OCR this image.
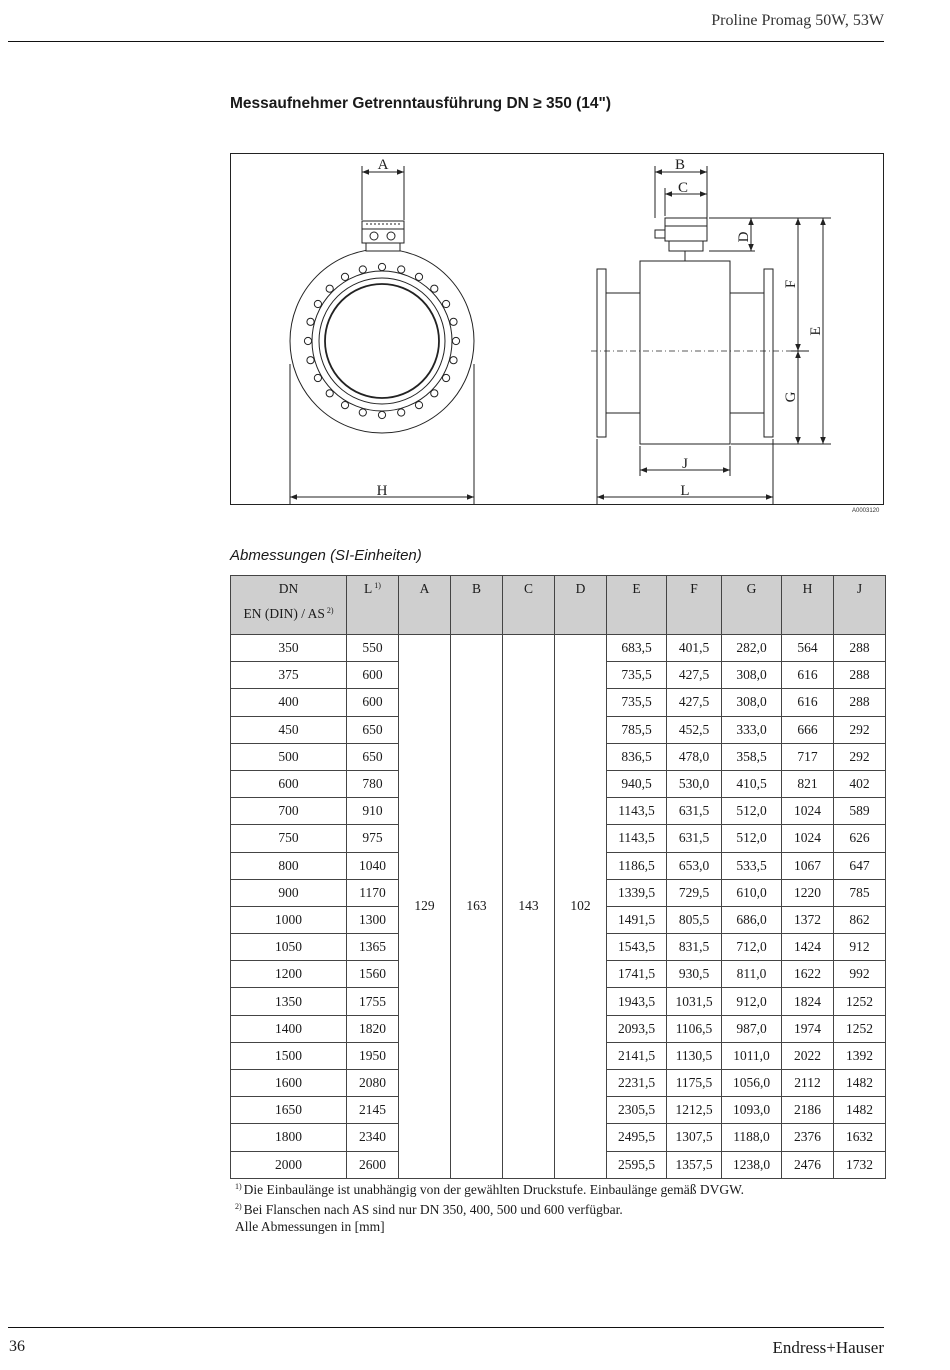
Proline Promag 50W, 53W
Messaufnehmer Getrenntausführung DN ≥ 350 (14")
A
H
B
C
J
L
D
F
G
E
A0003120
Abmessungen (SI-Einheiten)
DN
EN (DIN) / AS $^{2)}$	L $^{1)}$	A	B	C	D	E	F	G	H	J
350	550	129	163	143	102	683,5	401,5	282,0	564	288
375	600					735,5	427,5	308,0	616	288
400	600					735,5	427,5	308,0	616	288
450	650					785,5	452,5	333,0	666	292
500	650					836,5	478,0	358,5	717	292
600	780					940,5	530,0	410,5	821	402
700	910					1143,5	631,5	512,0	1024	589
750	975					1143,5	631,5	512,0	1024	626
800	1040					1186,5	653,0	533,5	1067	647
900	1170					1339,5	729,5	610,0	1220	785
1000	1300					1491,5	805,5	686,0	1372	862
1050	1365					1543,5	831,5	712,0	1424	912
1200	1560					1741,5	930,5	811,0	1622	992
1350	1755					1943,5	1031,5	912,0	1824	1252
1400	1820					2093,5	1106,5	987,0	1974	1252
1500	1950					2141,5	1130,5	1011,0	2022	1392
1600	2080					2231,5	1175,5	1056,0	2112	1482
1650	2145					2305,5	1212,5	1093,0	2186	1482
1800	2340					2495,5	1307,5	1188,0	2376	1632
2000	2600					2595,5	1357,5	1238,0	2476	1732
$^{1)}$ Die Einbaulänge ist unabhängig von der gewählten Druckstufe. Einbaulänge gemäß DVGW.
$^{2)}$ Bei Flanschen nach AS sind nur DN 350, 400, 500 und 600 verfügbar.
Alle Abmessungen in [mm]
36	Endress+Hauser
